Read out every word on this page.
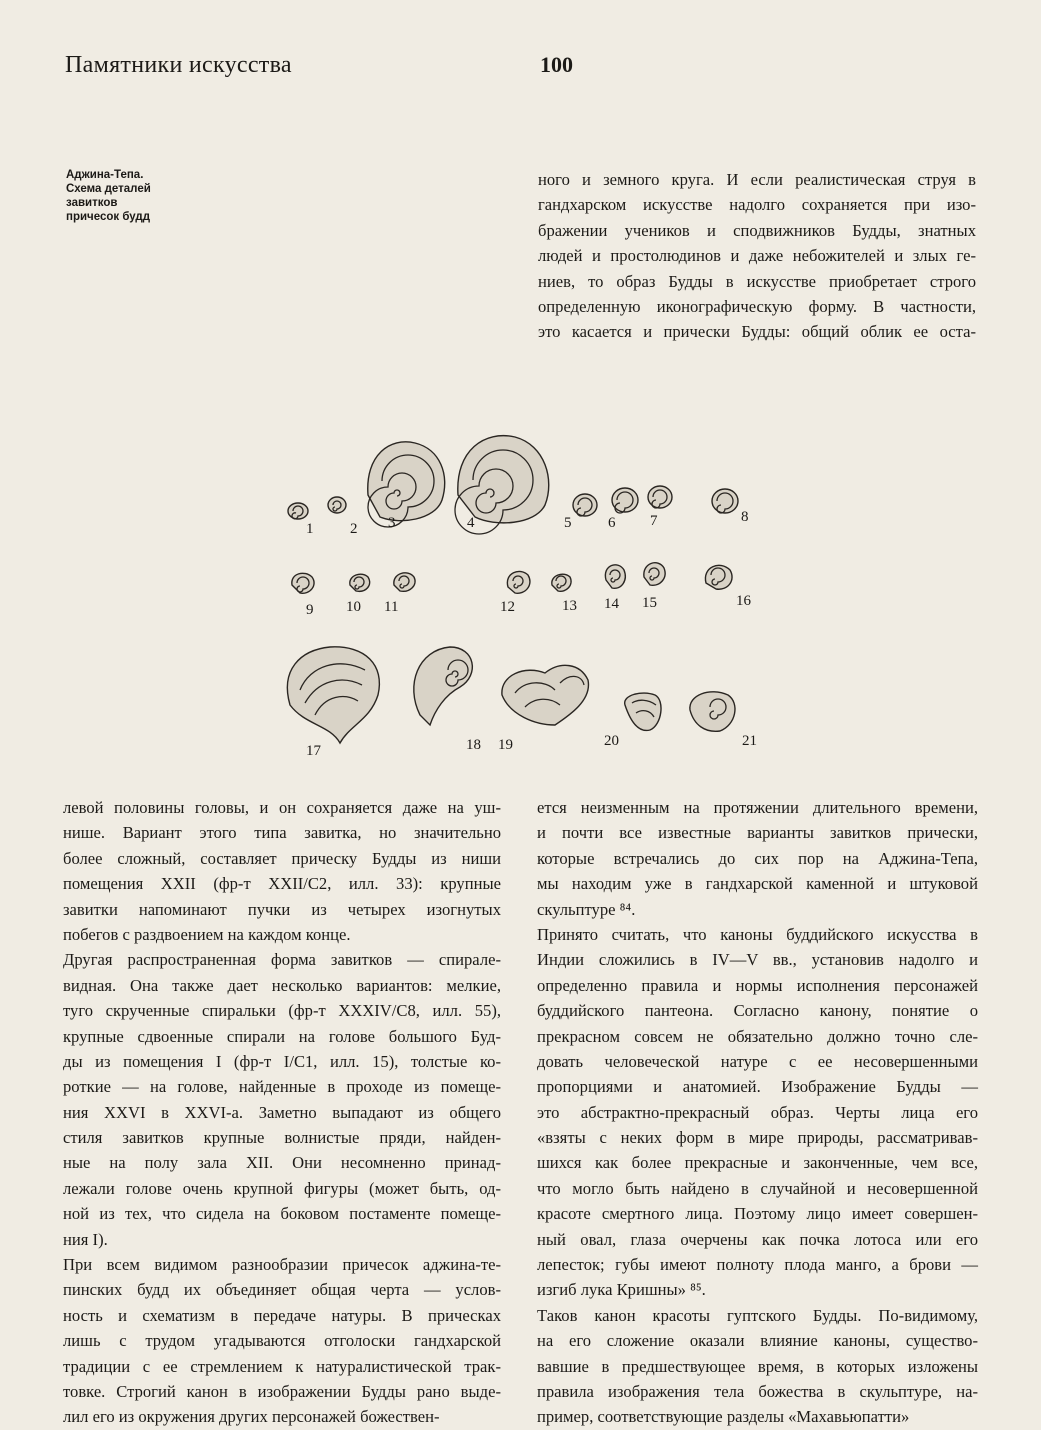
Памятники искусства	100
Аджина-Тепа.
Схема деталей
завитков
причесок будд
ного и земного круга. И если реалистическая струя в
гандхарском искусстве надолго сохраняется при изо-
бражении учеников и сподвижников Будды, знатных
людей и простолюдинов и даже небожителей и злых ге-
ниев, то образ Будды в искусстве приобретает строго
определенную иконографическую форму. В частности,
это касается и прически Будды: общий облик ее оста-
1 2 3	4	5 6 7	8
9 10 11	12	13 14 15	16
17	18 19	20	21
левой половины головы, и он сохраняется даже на уш-
нише. Вариант этого типа завитка, но значительно
более сложный, составляет прическу Будды из ниши
помещения XXII (фр-т XXII/C2, илл. 33): крупные
завитки напоминают пучки из четырех изогнутых
побегов с раздвоением на каждом конце.
Другая распространенная форма завитков — спирале-
видная. Она также дает несколько вариантов: мелкие,
туго скрученные спиральки (фр-т XXXIV/C8, илл. 55),
крупные сдвоенные спирали на голове большого Буд-
ды из помещения I (фр-т I/C1, илл. 15), толстые ко-
роткие — на голове, найденные в проходе из помеще-
ния XXVI в XXVI-а. Заметно выпадают из общего
стиля завитков крупные волнистые пряди, найден-
ные на полу зала XII. Они несомненно принад-
лежали голове очень крупной фигуры (может быть, од-
ной из тех, что сидела на боковом постаменте помеще-
ния I).
При всем видимом разнообразии причесок аджина-те-
пинских будд их объединяет общая черта — услов-
ность и схематизм в передаче натуры. В прическах
лишь с трудом угадываются отголоски гандхарской
традиции с ее стремлением к натуралистической трак-
товке. Строгий канон в изображении Будды рано выде-
лил его из окружения других персонажей божествен-
ется неизменным на протяжении длительного времени,
и почти все известные варианты завитков прически,
которые встречались до сих пор на Аджина-Тепа,
мы находим уже в гандхарской каменной и штуковой
скульптуре ⁸⁴.
Принято считать, что каноны буддийского искусства в
Индии сложились в IV—V вв., установив надолго и
определенно правила и нормы исполнения персонажей
буддийского пантеона. Согласно канону, понятие о
прекрасном совсем не обязательно должно точно сле-
довать человеческой натуре с ее несовершенными
пропорциями и анатомией. Изображение Будды —
это абстрактно-прекрасный образ. Черты лица его
«взяты с неких форм в мире природы, рассматривав-
шихся как более прекрасные и законченные, чем все,
что могло быть найдено в случайной и несовершенной
красоте смертного лица. Поэтому лицо имеет совершен-
ный овал, глаза очерчены как почка лотоса или его
лепесток; губы имеют полноту плода манго, а брови —
изгиб лука Кришны» ⁸⁵.
Таков канон красоты гуптского Будды. По-видимому,
на его сложение оказали влияние каноны, существо-
вавшие в предшествующее время, в которых изложены
правила изображения тела божества в скульптуре, на-
пример, соответствующие разделы «Махавьюпатти»
